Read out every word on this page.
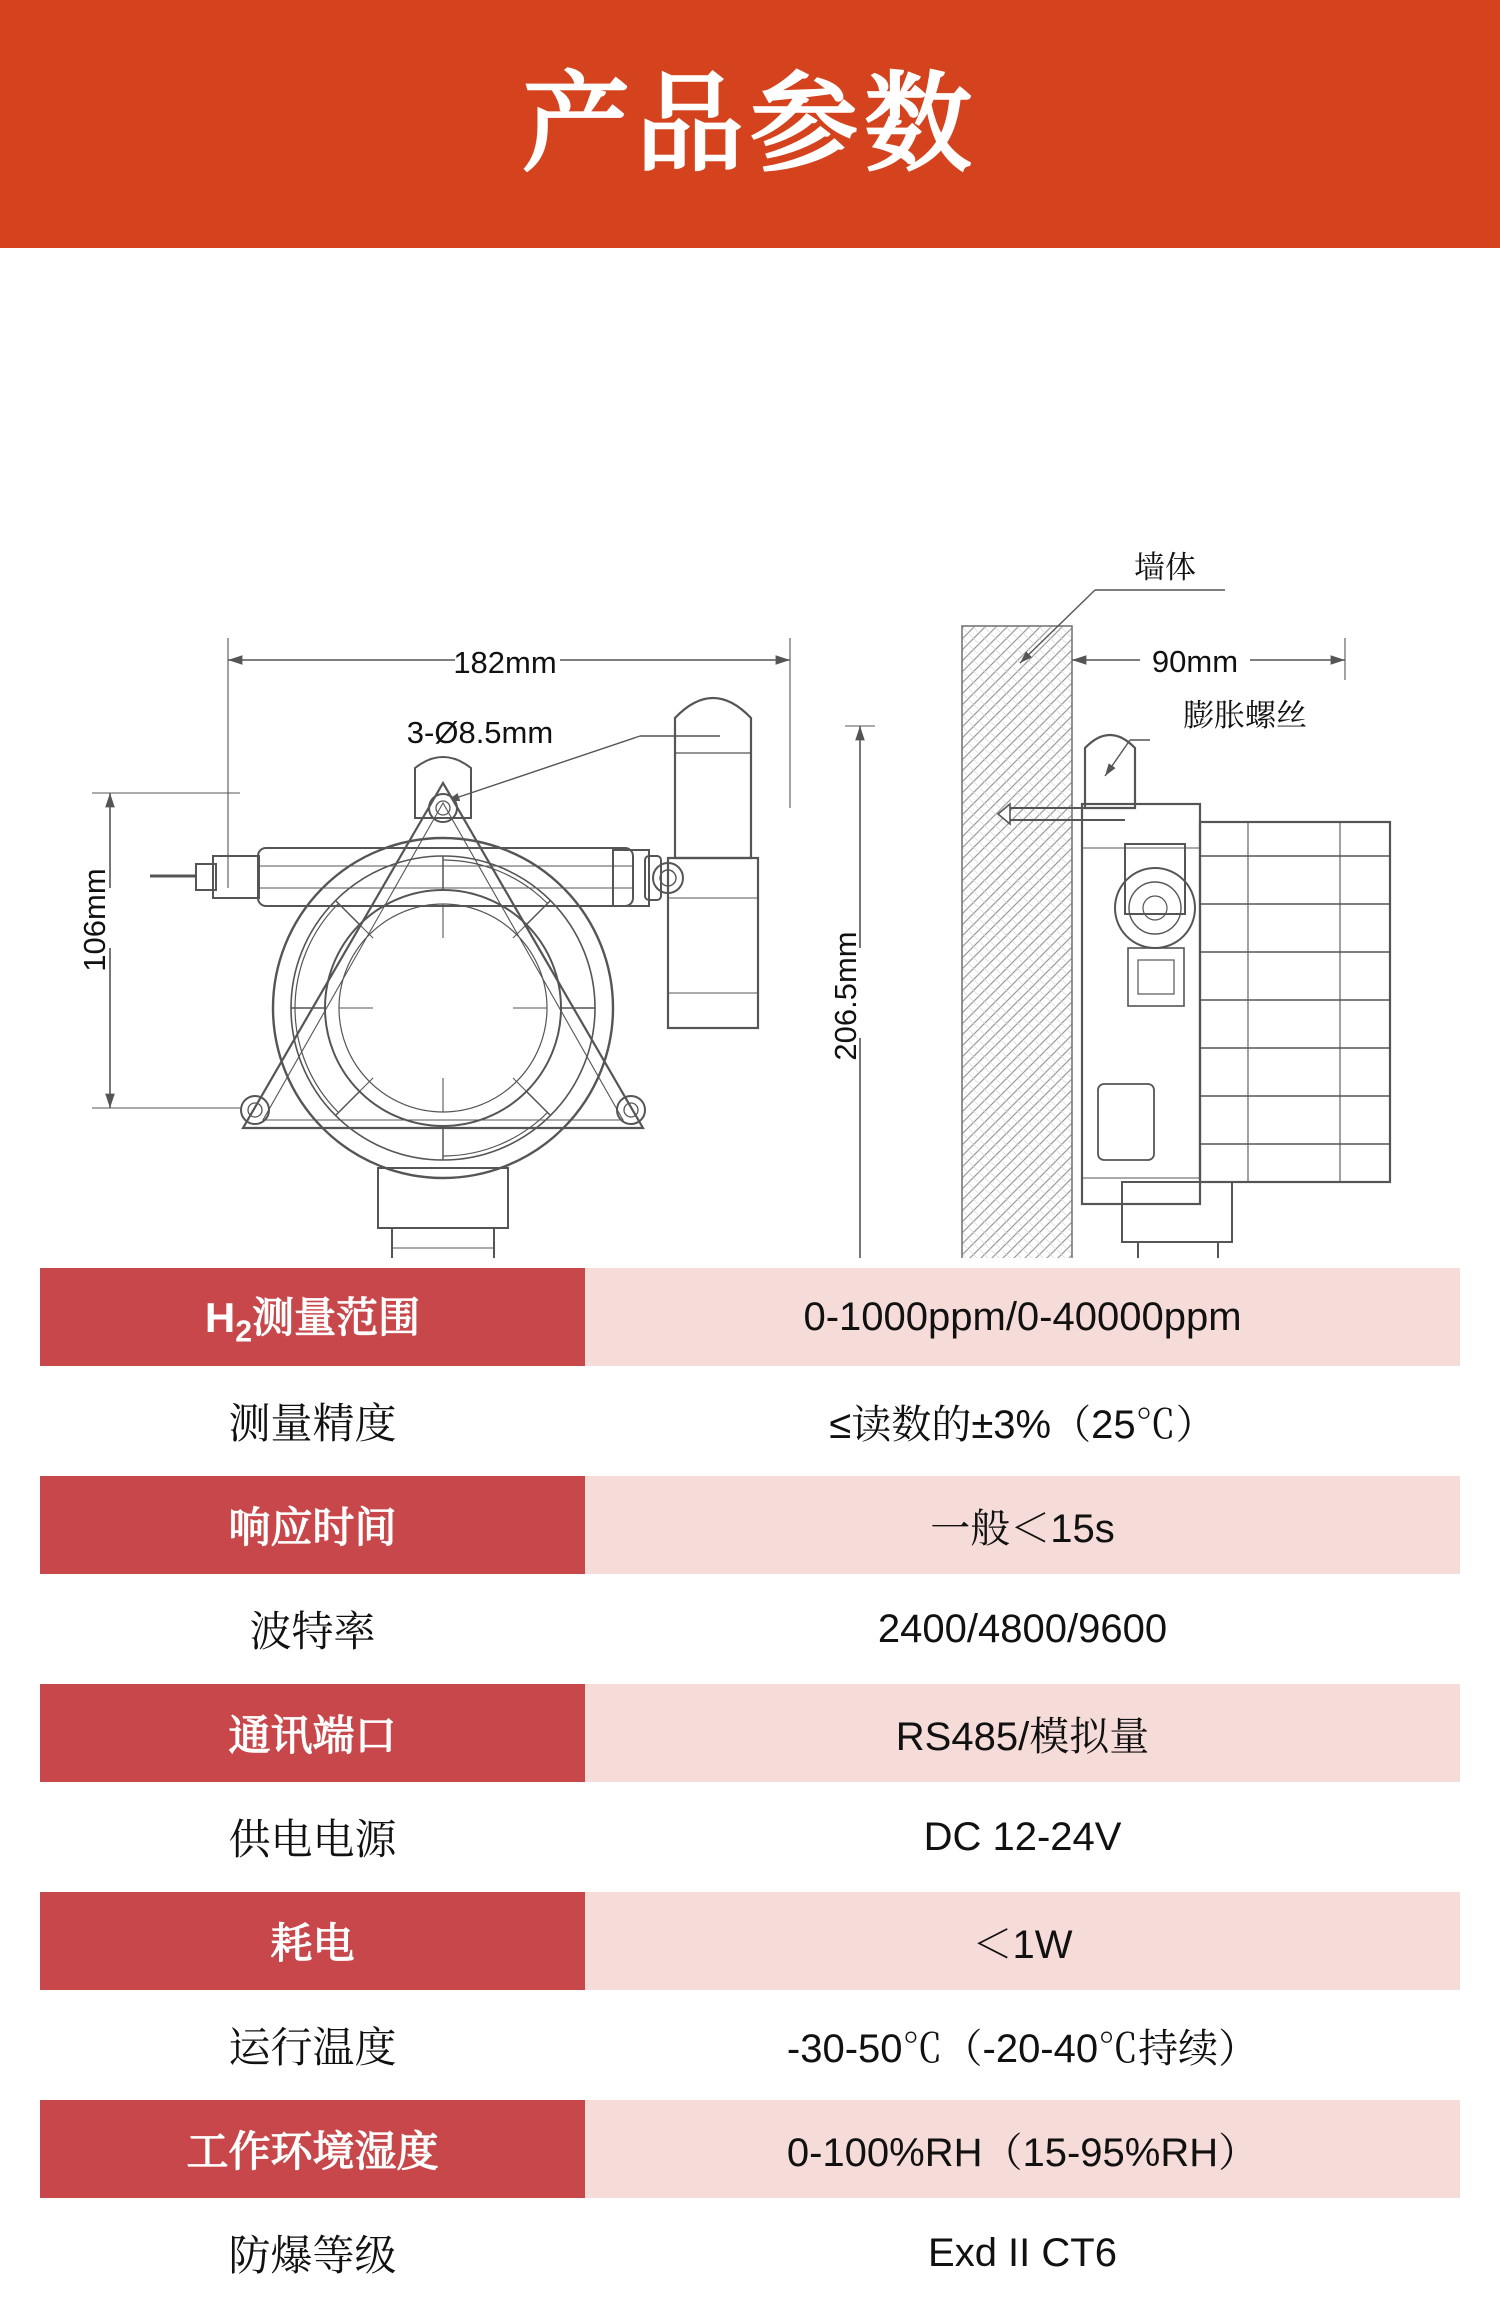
产品参数
182mm
3-Ø8.5mm
106mm
206.5mm
墙体
90mm
膨胀螺丝
$H_2$测量范围	0-1000ppm/0-40000ppm
测量精度	≤读数的±3%（25℃）
响应时间	一般＜15s
波特率	2400/4800/9600
通讯端口	RS485/模拟量
供电电源	DC 12-24V
耗电	＜1W
运行温度	-30-50℃（-20-40℃持续）
工作环境湿度	0-100%RH（15-95%RH）
防爆等级	Exd II CT6
